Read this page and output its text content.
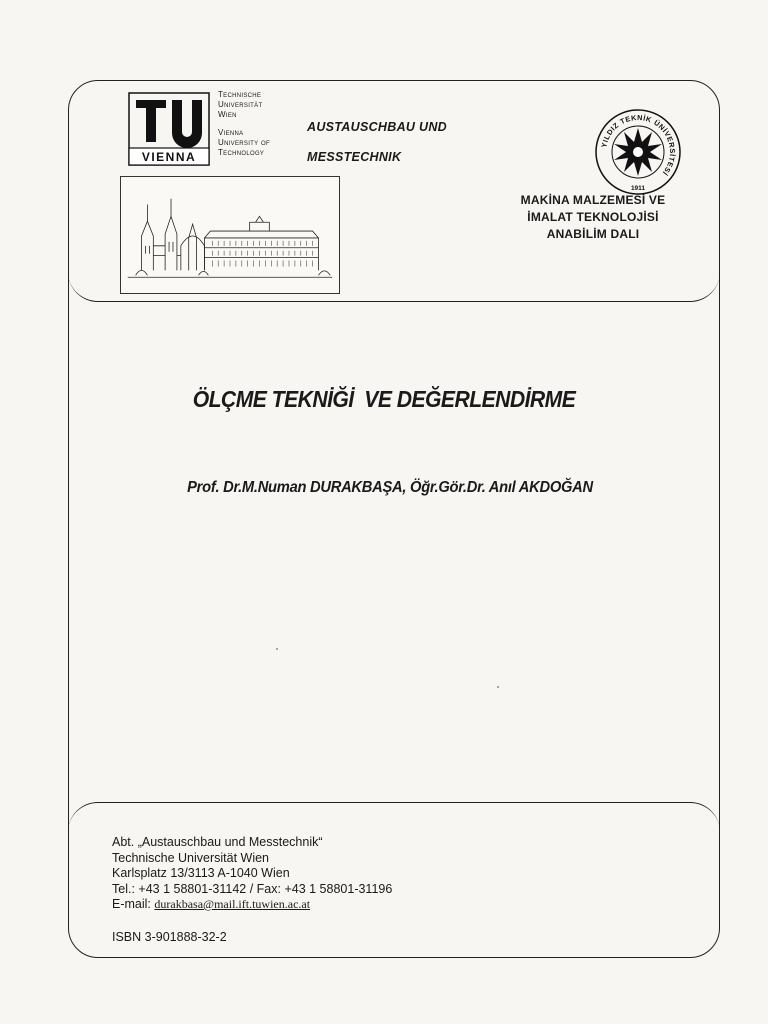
VIENNA
Technische
Universität
Wien
Vienna
University of
Technology
AUSTAUSCHBAU UND
MESSTECHNIK
YILDIZ TEKNİK ÜNİVERSİTESİ
1911
MAKİNA MALZEMESİ VE
İMALAT TEKNOLOJİSİ
ANABİLİM DALI
ÖLÇME TEKNİĞİ  VE DEĞERLENDİRME
Prof. Dr.M.Numan DURAKBAŞA, Öğr.Gör.Dr. Anıl AKDOĞAN
Abt. „Austauschbau und Messtechnik“
Technische Universität Wien
Karlsplatz 13/3113 A-1040 Wien
Tel.: +43 1 58801-31142 / Fax: +43 1 58801-31196
E-mail: durakbasa@mail.ift.tuwien.ac.at
ISBN 3-901888-32-2
